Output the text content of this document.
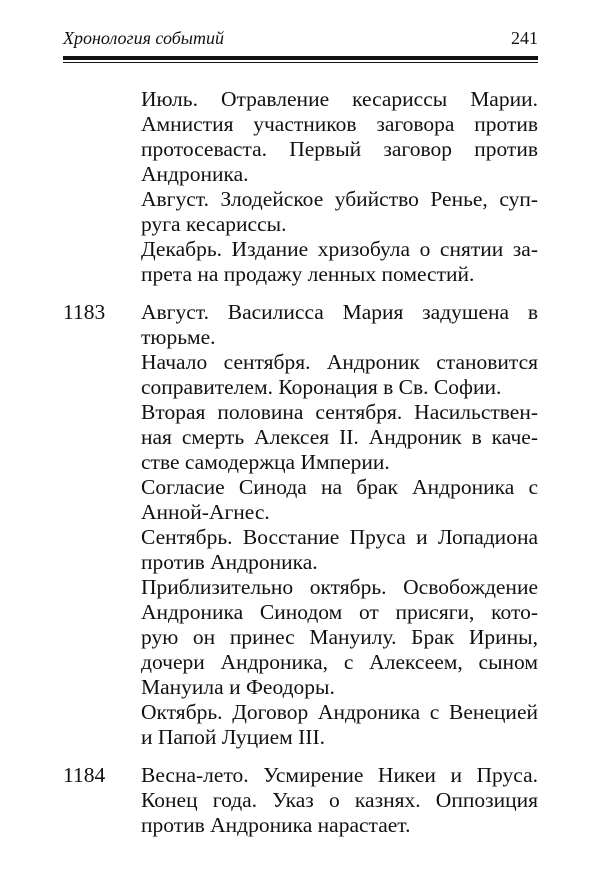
Хронология событий	241
Июль. Отравление кесариссы Марии.
Амнистия участников заговора против
протосеваста. Первый заговор против
Андроника.
Август. Злодейское убийство Ренье, суп-
руга кесариссы.
Декабрь. Издание хризобула о снятии за-
прета на продажу ленных поместий.
1183 Август. Василисса Мария задушена в
тюрьме.
Начало сентября. Андроник становится
соправителем. Коронация в Св. Софии.
Вторая половина сентября. Насильствен-
ная смерть Алексея II. Андроник в каче-
стве самодержца Империи.
Согласие Синода на брак Андроника с
Анной-Агнес.
Сентябрь. Восстание Пруса и Лопадиона
против Андроника.
Приблизительно октябрь. Освобождение
Андроника Синодом от присяги, кото-
рую он принес Мануилу. Брак Ирины,
дочери Андроника, с Алексеем, сыном
Мануила и Феодоры.
Октябрь. Договор Андроника с Венецией
и Папой Луцием III.
1184 Весна-лето. Усмирение Никеи и Пруса.
Конец года. Указ о казнях. Оппозиция
против Андроника нарастает.
